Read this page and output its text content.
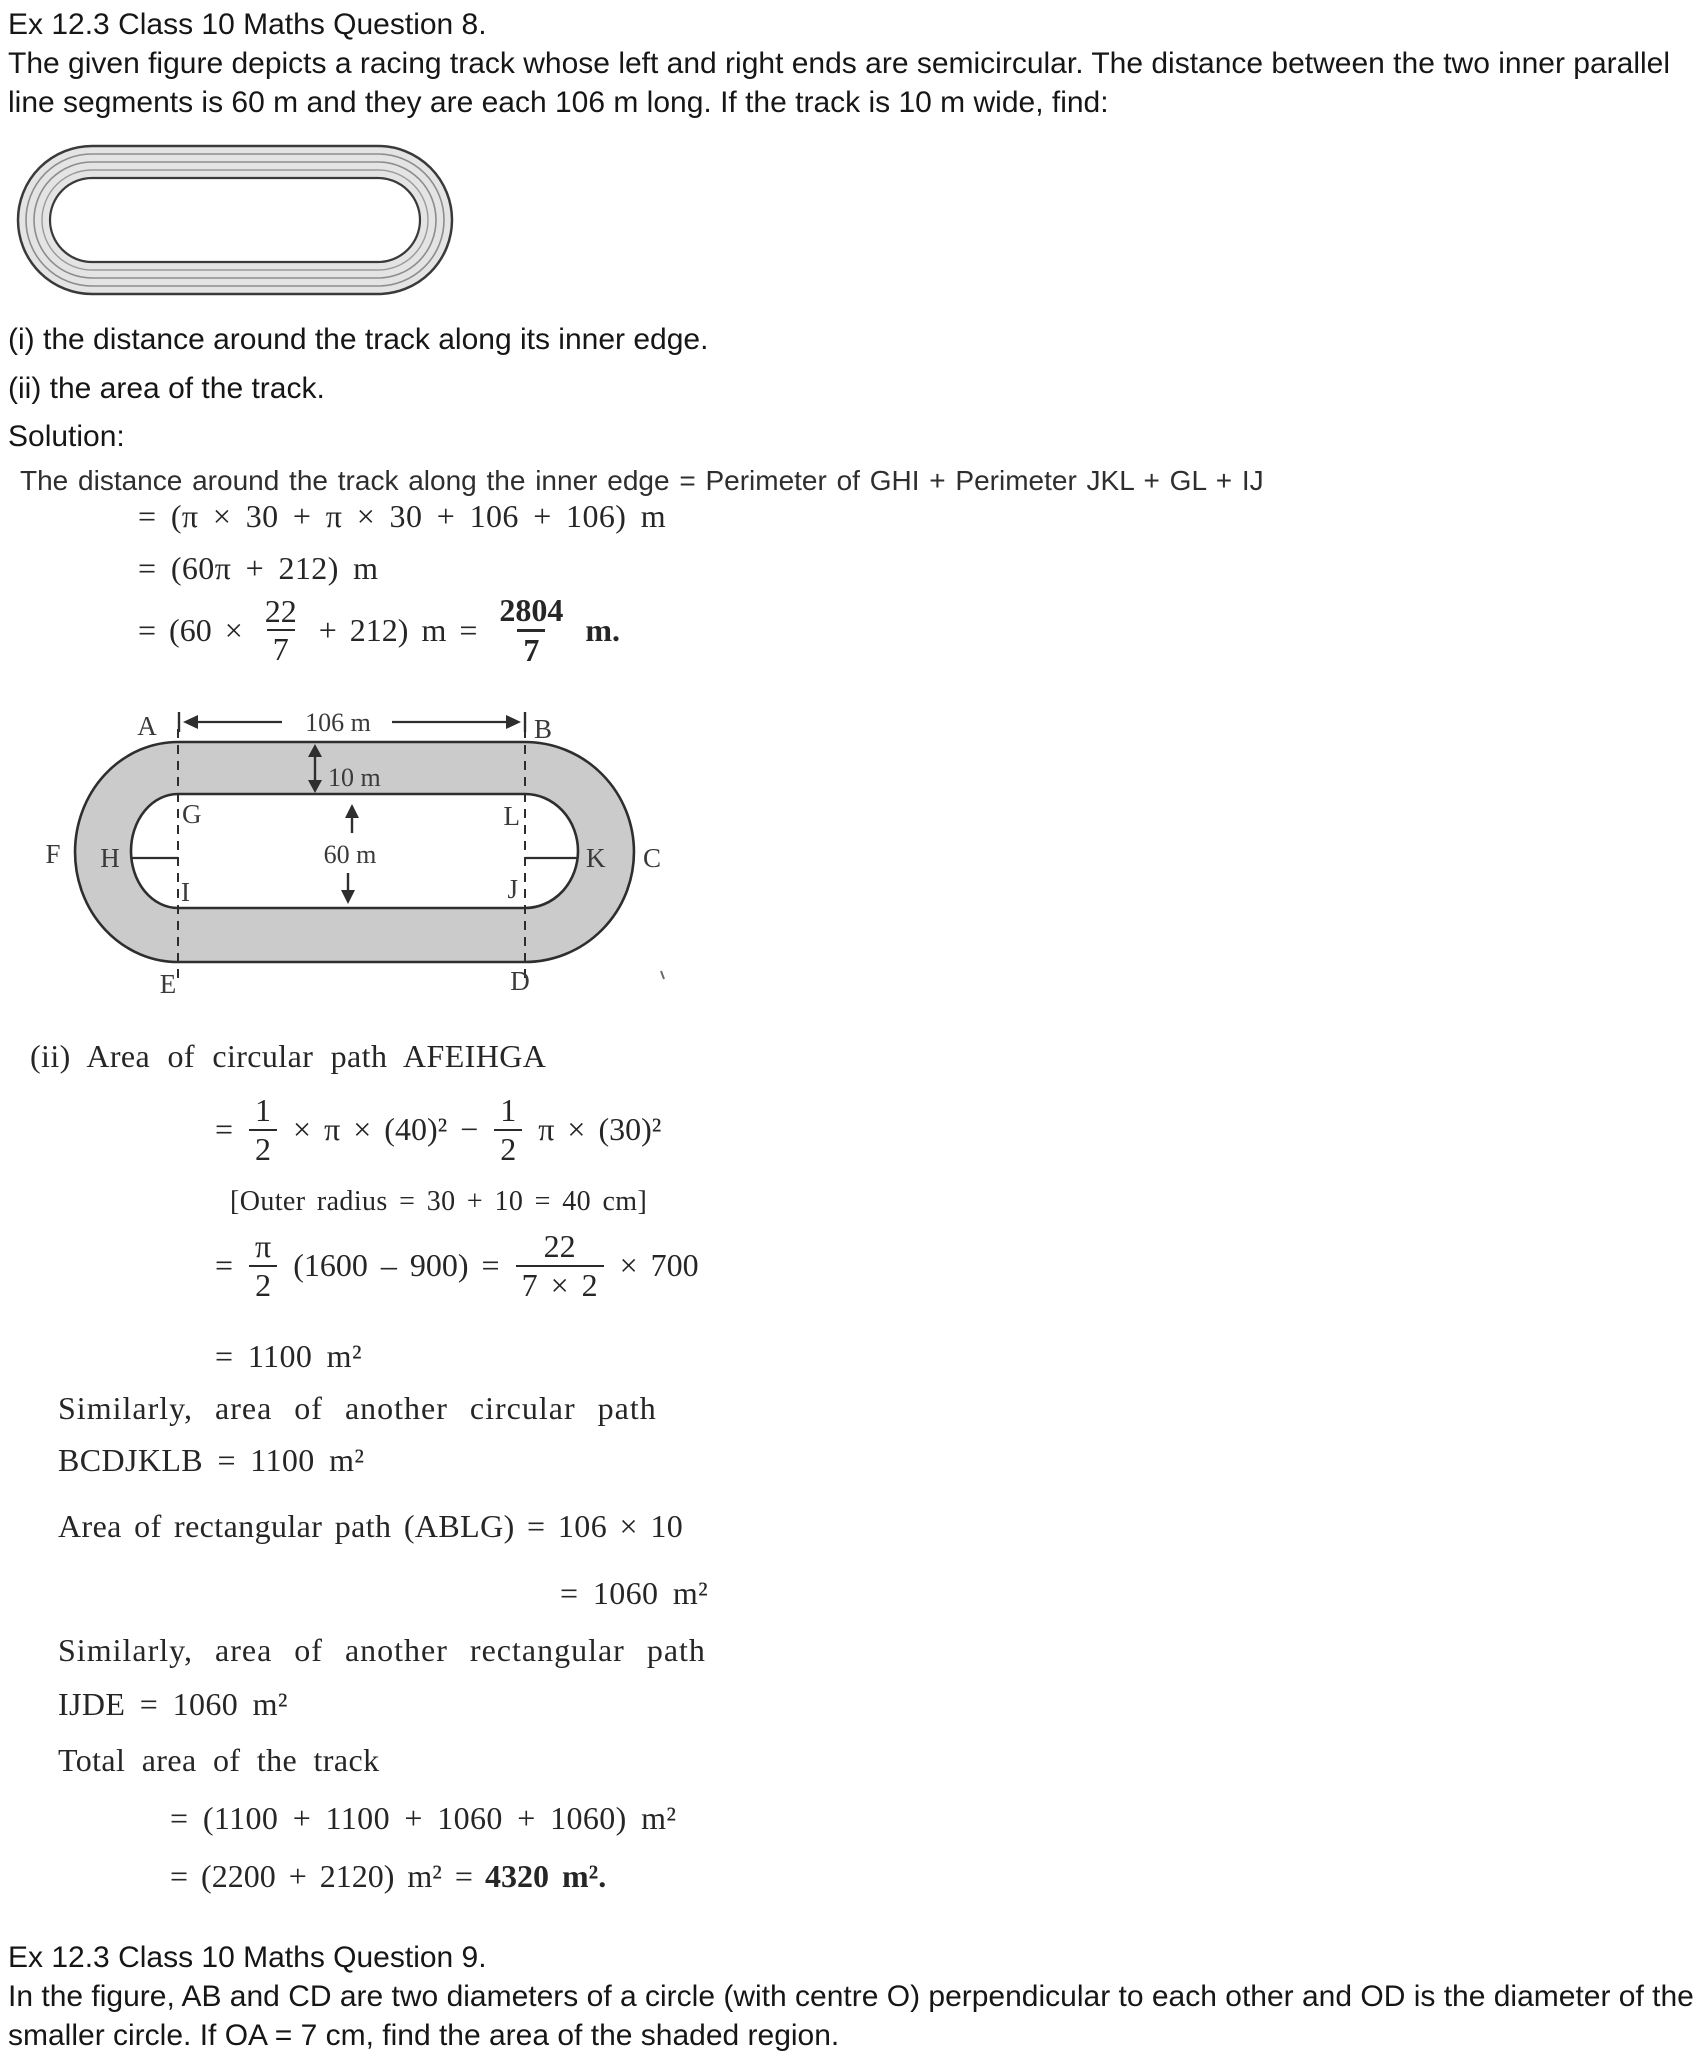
Ex 12.3 Class 10 Maths Question 8.
The given figure depicts a racing track whose left and right ends are semicircular. The distance between the two inner parallel line segments is 60 m and they are each 106 m long. If the track is 10 m wide, find:
(i) the distance around the track along its inner edge.
(ii) the area of the track.
Solution:
The distance around the track along the inner edge = Perimeter of GHI + Perimeter JKL + GL + IJ
= (π × 30 + π × 30 + 106 + 106) m
= (60π + 212) m
= $(60 \times \frac{22}{7} + 212)$ $m = \frac{2804}{7} m$.
106 m
10 m
60 m
A	B
G	L
F H	K C
I	J
E	D
(ii) Area of circular path AFEIHGA
= $\frac{1}{2} \times \pi \times (40)^2 - \frac{1}{2}$ π × (30)²
[Outer radius = 30 + 10 = 40 cm]
= $\frac{\pi}{2} (1600 - 900) = \frac{22}{7 \times 2} \times 700$
= 1100 m²
Similarly, area of another circular path
BCDJKLB = 1100 m²
Area of rectangular path (ABLG) = 106 × 10
= 1060 m²
Similarly, area of another rectangular path
IJDE = 1060 m²
Total area of the track
= (1100 + 1100 + 1060 + 1060) m²
= (2200 + 2120) m² = 4320 m².
Ex 12.3 Class 10 Maths Question 9.
In the figure, AB and CD are two diameters of a circle (with centre O) perpendicular to each other and OD is the diameter of the smaller circle. If OA = 7 cm, find the area of the shaded region.
